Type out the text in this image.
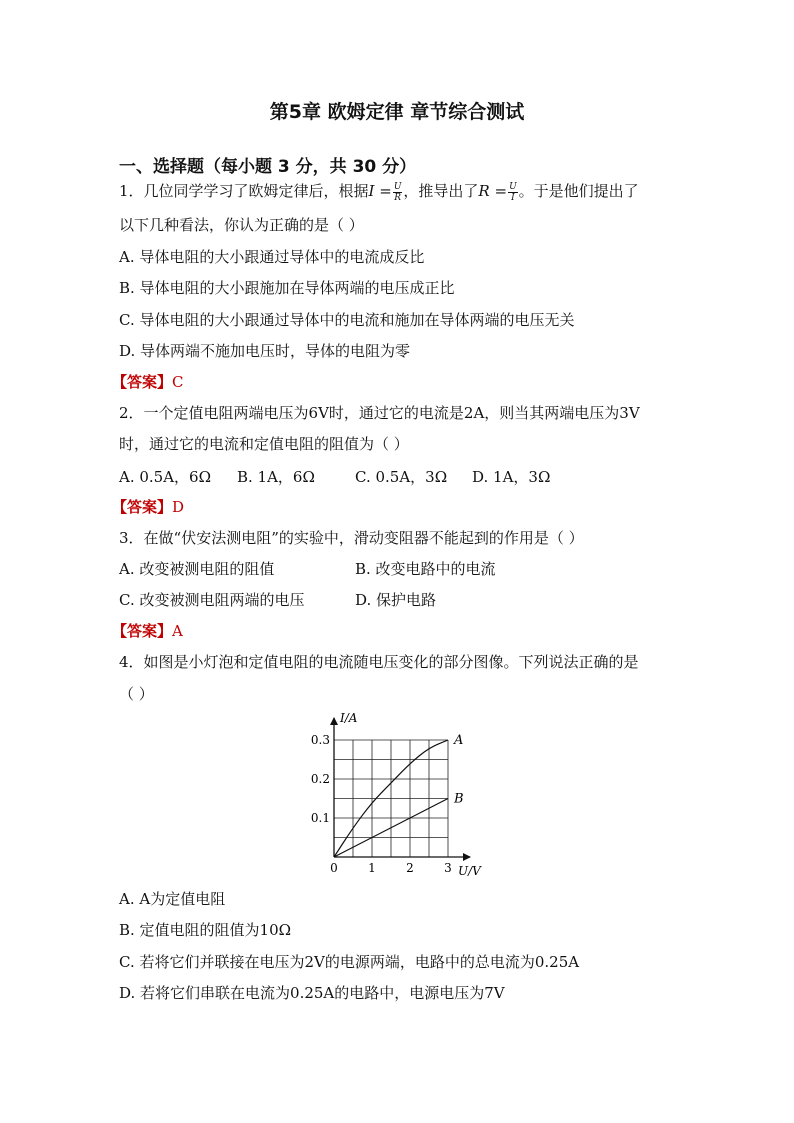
第5章 欧姆定律 章节综合测试
一、选择题（每小题 3 分，共 30 分）
1．几位同学学习了欧姆定律后，根据$I = \frac{U}{R}$ ，推导出了$R = \frac{U}{I}$ 。于是他们提出了
以下几种看法，你认为正确的是（ ）
A. 导体电阻的大小跟通过导体中的电流成反比
B. 导体电阻的大小跟施加在导体两端的电压成正比
C. 导体电阻的大小跟通过导体中的电流和施加在导体两端的电压无关
D. 导体两端不施加电压时，导体的电阻为零
【答案】C
2．一个定值电阻两端电压为6V时，通过它的电流是2A，则当其两端电压为3V
时，通过它的电流和定值电阻的阻值为（ ）
A. 0.5A，6Ω B. 1A，6Ω	C. 0.5A，3Ω D. 1A，3Ω
【答案】D
3．在做“伏安法测电阻”的实验中，滑动变阻器不能起到的作用是（ ）
A. 改变被测电阻的阻值	B. 改变电路中的电流
C. 改变被测电阻两端的电压	D. 保护电路
【答案】A
4．如图是小灯泡和定值电阻的电流随电压变化的部分图像。下列说法正确的是
（ ）
0	1	2	3
0.1
0.2
0.3	A
B
U/V
I/A
A. A为定值电阻
B. 定值电阻的阻值为10Ω
C. 若将它们并联接在电压为2V的电源两端，电路中的总电流为0.25A
D. 若将它们串联在电流为0.25A的电路中，电源电压为7V
